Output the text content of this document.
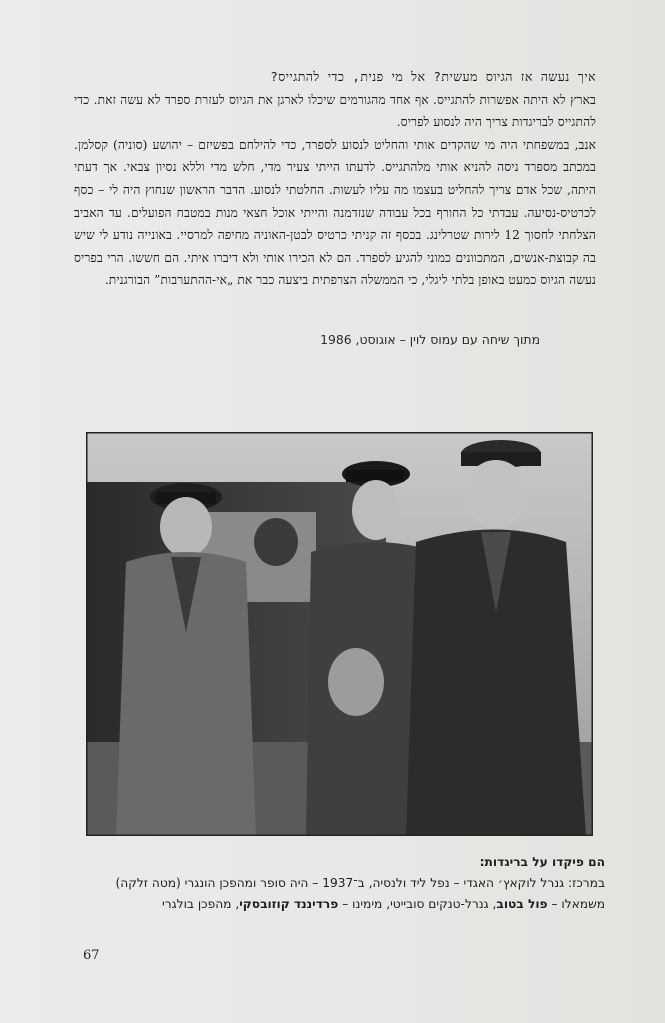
איך נעשה אז הגיוס מעשית? אל מי פנית, כדי להתגייס?

בארץ לא היתה אפשרות להתגייס. אף אחד מהגורמים שיכלו לארגן את הגיוס לעזרת ספרד לא עשה זאת. כדי להתגייס לבריגדות צריך היה לנסוע לפריס.

אנב, במשפחתי היה מי שהקדים אותי והחליט לנסוע לספרד, כדי להילחם בפשיזם – יהושע (סוניה) קסלמן. במכתב מספרד ניסה להניא אותי מלהתגייס. לדעתו הייתי צעיר מדי, חלש מדי וללא נסיון צבאי. אך דעתי היתה, שכל אדם צריך להחליט בעצמו מה עליו לעשות. החלטתי לנסוע. הדבר הראשון שנחוץ היה לי – כסף לכרטיס-נסיעה. עבדתי כל החורף בכל עבודה שנזדמנה והייתי אוכל חצאי מנות במטבח הפועלים. עד האביב הצלחתי לחסוך 12 לירות שטרלינג. בכסף זה קניתי כרטיס לבטן-האוניה מחיפה למרסיי. באונייה נודע לי שיש בה קבוצת-אנשים, המתכוונים כמוני להגיע לספרד. הם לא הכירו אותי ולא דיברו איתי. הם חששו. הרי בפריס נעשה הגיוס כמעט באופן בלתי ליגלי, כי הממשלה הצרפתית ביצעה כבר את „אי-ההתערבות” הבורגנית.

מתוך שיחה עם עמוס לוין – אוגוסט, 1986
הם פיקדו על בריגדות:
במרכז: גנרל לוקאץ׳ האגדי – נפל ליד ולנסיה, ב־1937 – היה סופר ומהפכן הונגרי (מטה זלקה) משמאלו – פול בטוב, גנרל-טנקים סובייטי, מימינו – פרדיננד קוזובסקי, מהפכן בולגרי
67
